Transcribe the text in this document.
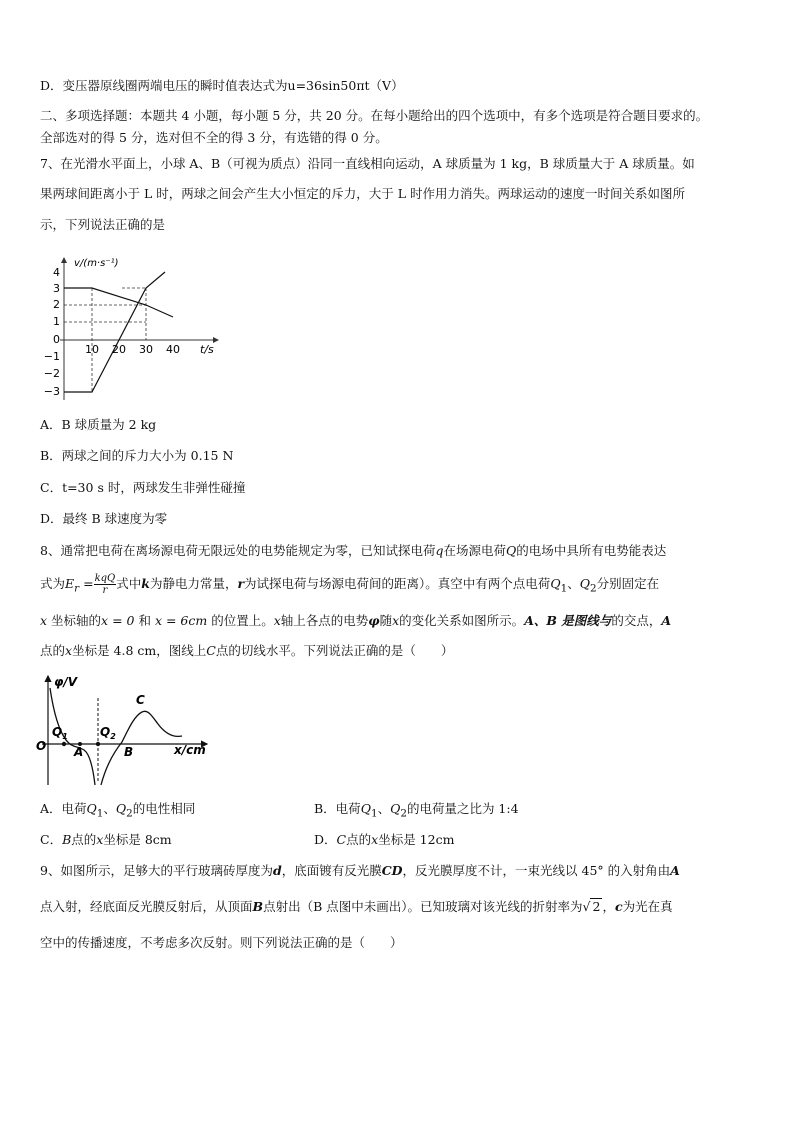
D．变压器原线圈两端电压的瞬时值表达式为u=36sin50πt（V）
二、多项选择题：本题共 4 小题，每小题 5 分，共 20 分。在每小题给出的四个选项中，有多个选项是符合题目要求的。
全部选对的得 5 分，选对但不全的得 3 分，有选错的得 0 分。
7、在光滑水平面上，小球 A、B（可视为质点）沿同一直线相向运动，A 球质量为 1 kg，B 球质量大于 A 球质量。如
果两球间距离小于 L 时，两球之间会产生大小恒定的斥力，大于 L 时作用力消失。两球运动的速度一时间关系如图所
示，下列说法正确的是
v/(m·s⁻¹)
t/s
4
3
2
1
0
−1
−2
−3
10 20 30 40
A．B 球质量为 2 kg
B．两球之间的斥力大小为 0.15 N
C．t=30 s 时，两球发生非弹性碰撞
D．最终 B 球速度为零
8、通常把电荷在离场源电荷无限远处的电势能规定为零，已知试探电荷q在场源电荷Q的电场中具所有电势能表达
式为$E_r = \frac{\text{kqQ}}{r}$ 式中k为静电力常量，r为试探电荷与场源电荷间的距离）。真空中有两个点电荷$Q_1$、$Q_2$分别固定在
x 坐标轴的x = 0 和 x = 6cm 的位置上。x轴上各点的电势φ随x的变化关系如图所示。A、B 是图线与的交点，A
点的x坐标是 4.8 cm，图线上C点的切线水平。下列说法正确的是（　　）
φ/V
O
$Q_1$
A
$Q_2$
B
C
x/cm
A．电荷$Q_1$、$Q_2$的电性相同	B．电荷$Q_1$、$Q_2$的电荷量之比为 1:4
C．B点的x坐标是 8cm	D．C点的x坐标是 12cm
9、如图所示，足够大的平行玻璃砖厚度为d，底面镀有反光膜CD，反光膜厚度不计，一束光线以 45° 的入射角由A
点入射，经底面反光膜反射后，从顶面B点射出（B 点图中未画出）。已知玻璃对该光线的折射率为√ 2 ，c为光在真
空中的传播速度，不考虑多次反射。则下列说法正确的是（　　）
